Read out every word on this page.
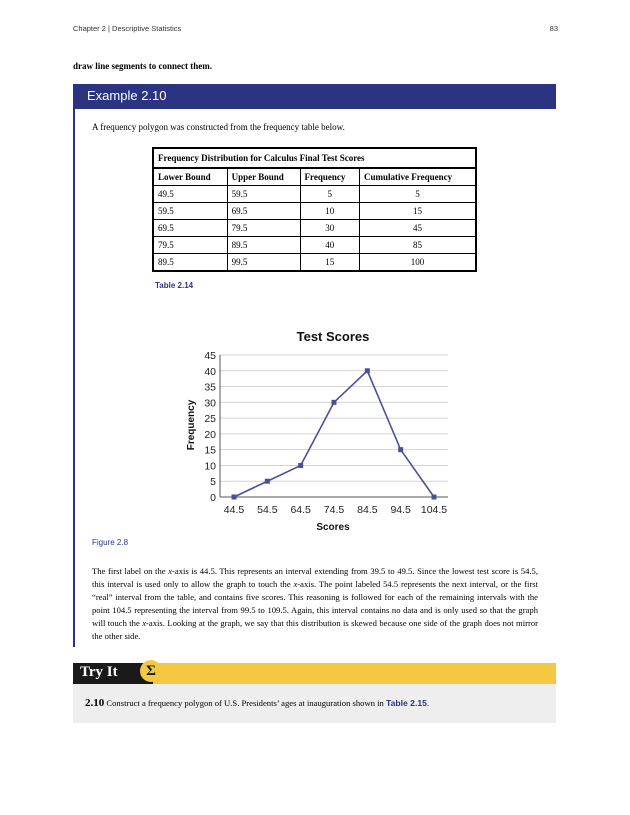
Chapter 2 | Descriptive Statistics	83
draw line segments to connect them.
Example 2.10
A frequency polygon was constructed from the frequency table below.
Frequency Distribution for Calculus Final Test Scores			
Lower Bound	Upper Bound	Frequency	Cumulative Frequency
49.5	59.5	5	5
59.5	69.5	10	15
69.5	79.5	30	45
79.5	89.5	40	85
89.5	99.5	15	100
Table 2.14
Test Scores
Frequency
Scores
0
5
10
15
20
25
30
35
40
45
44.5 54.5 64.5 74.5 84.5 94.5 104.5
Figure 2.8
The first label on the x-axis is 44.5. This represents an interval extending from 39.5 to 49.5. Since the lowest test score is 54.5, this interval is used only to allow the graph to touch the x-axis. The point labeled 54.5 represents the next interval, or the first “real” interval from the table, and contains five scores. This reasoning is followed for each of the remaining intervals with the point 104.5 representing the interval from 99.5 to 109.5. Again, this interval contains no data and is only used so that the graph will touch the x-axis. Looking at the graph, we say that this distribution is skewed because one side of the graph does not mirror the other side.
Try It	Σ
2.10 Construct a frequency polygon of U.S. Presidents’ ages at inauguration shown in Table 2.15.
